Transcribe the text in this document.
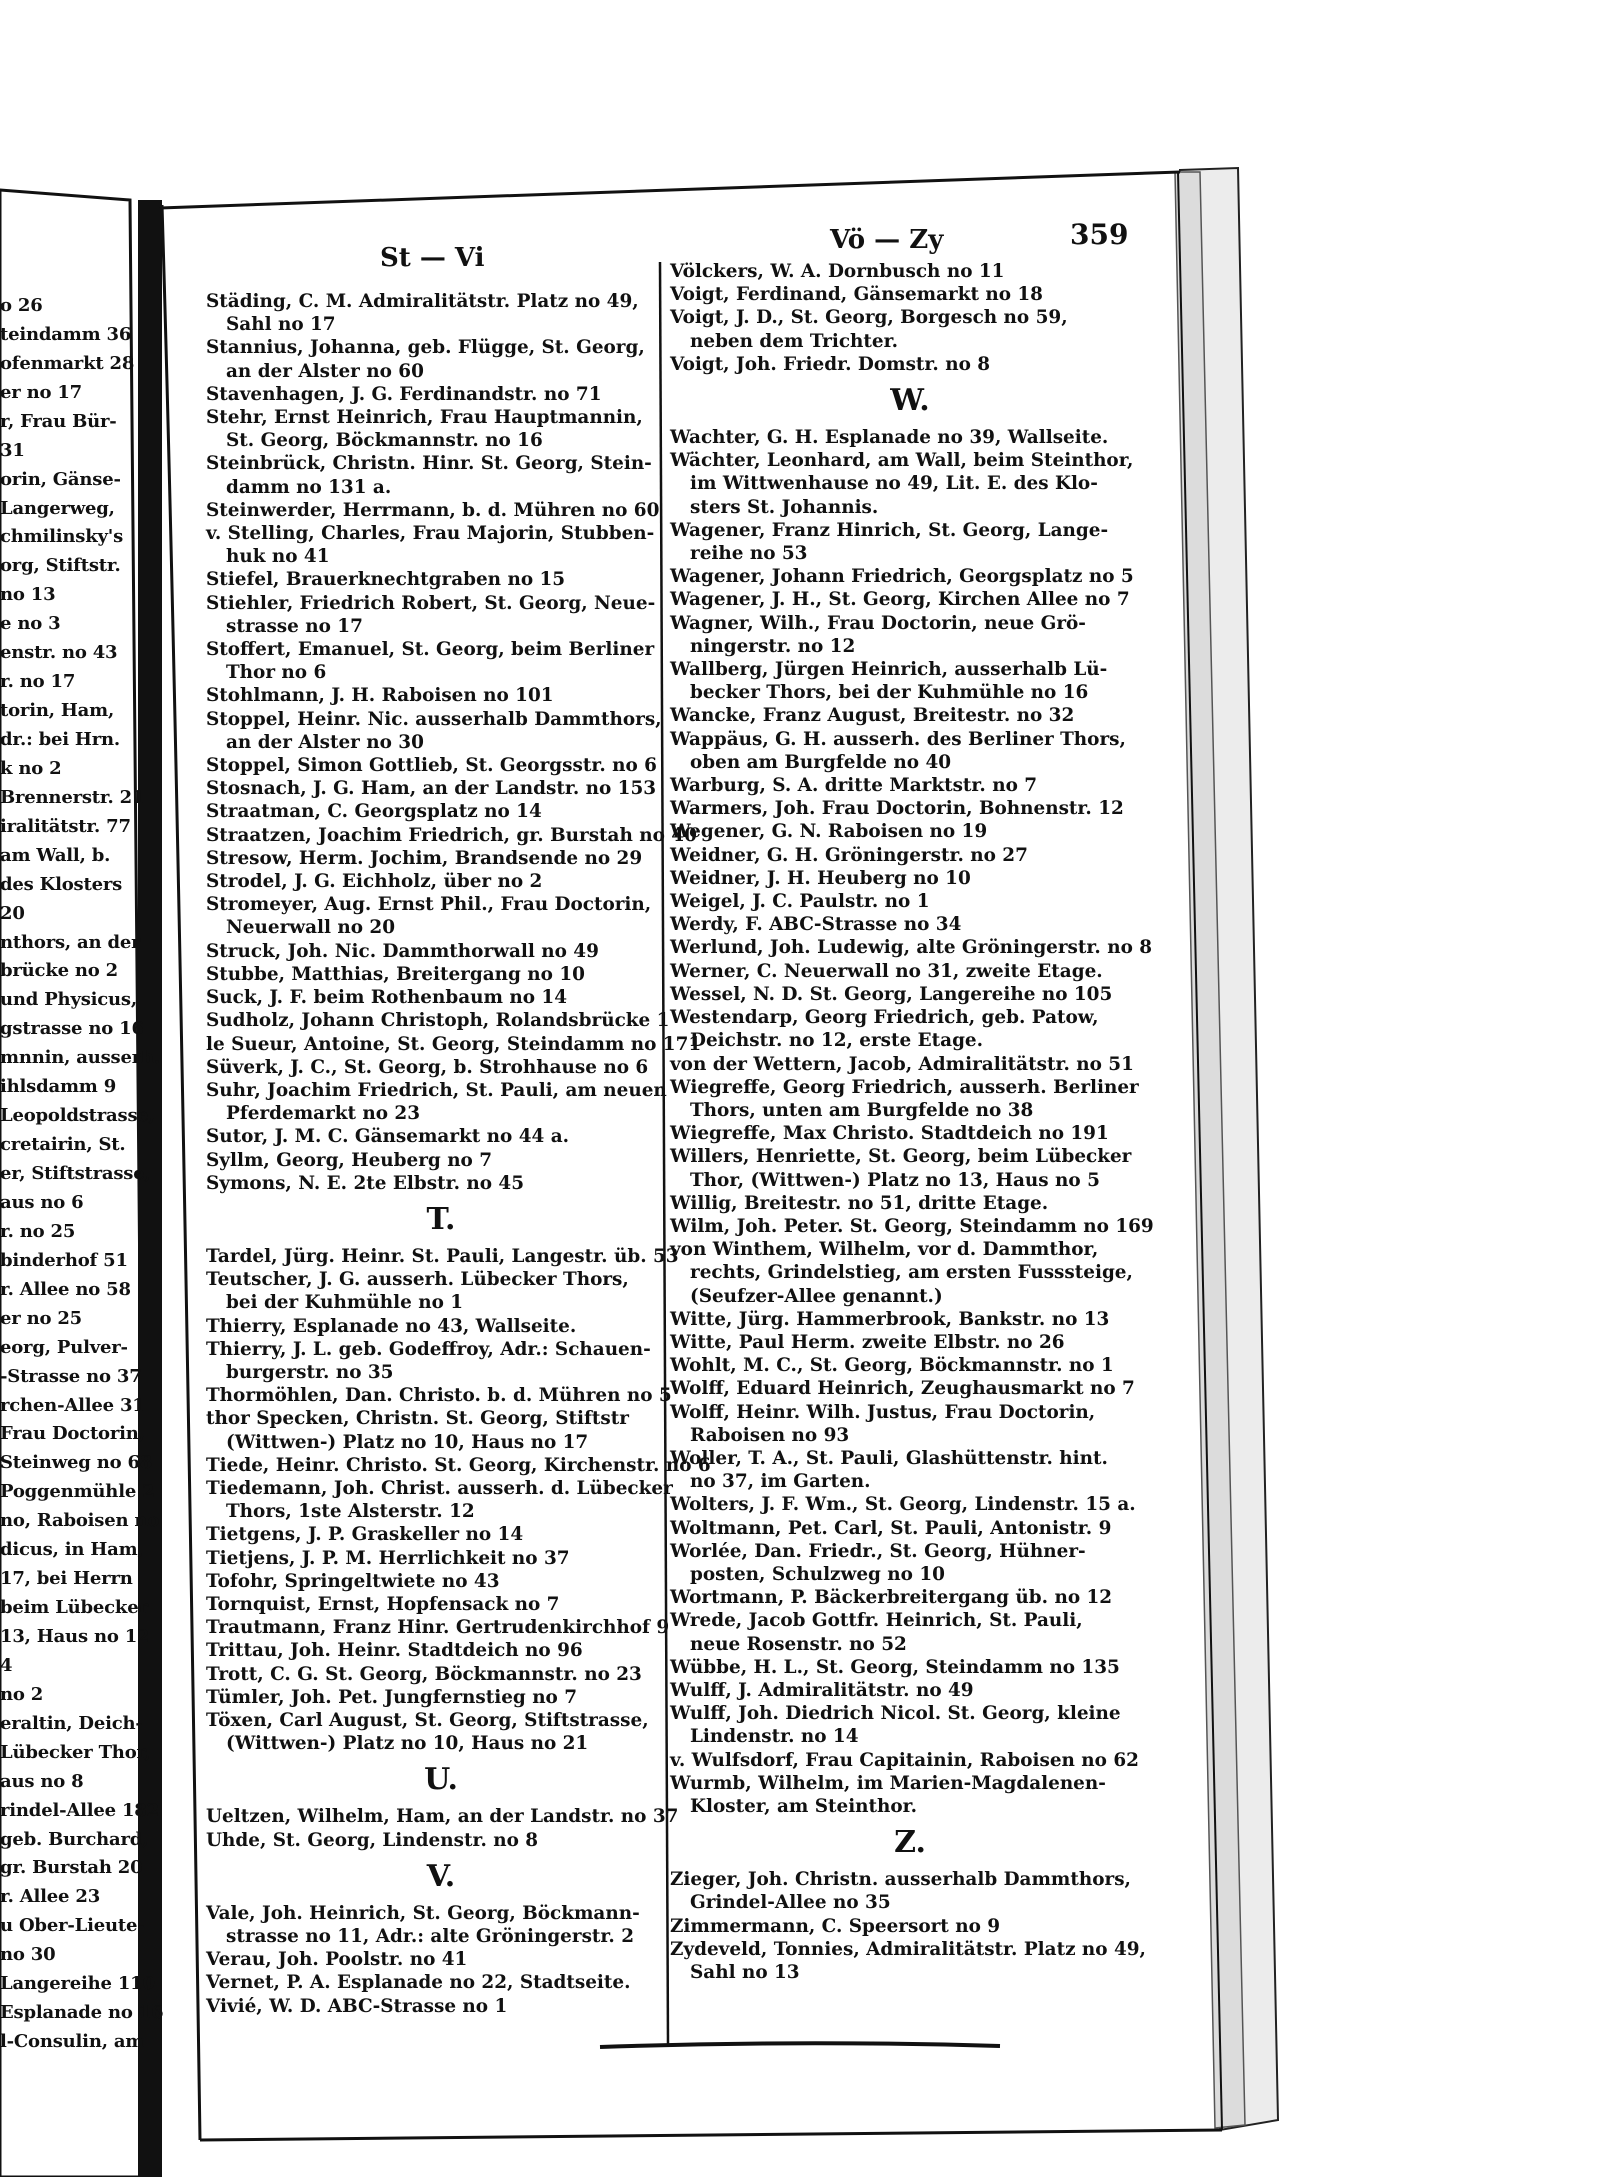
o 26
teindamm 36
ofenmarkt 28
er no 17
r, Frau Bür-
31
orin, Gänse-
Langerweg,
chmilinsky's
org, Stiftstr.
no 13
e no 3
enstr. no 43
r. no 17
torin, Ham,
dr.: bei Hrn.
k no 2
Brennerstr. 21
iralitätstr. 77
am Wall, b.
des Klosters
20
nthors, an der
brücke no 2
und Physicus,
gstrasse no 16
mnnin, ausserh.
ihlsdamm 9
Leopoldstrasse,
cretairin, St.
er, Stiftstrasse,
aus no 6
r. no 25
binderhof 51
r. Allee no 58
er no 25
eorg, Pulver-
-Strasse no 37
rchen-Allee 31
Frau Doctorin,
Steinweg no 68
Poggenmühle 2
no, Raboisen no
dicus, in Ham,
17, bei Herrn
beim Lübecker
13, Haus no 12
4
no 2
eraltin, Deich-
Lübecker Thor,
aus no 8
rindel-Allee 182
geb. Burchard,
gr. Burstah 20
r. Allee 23
u Ober-Lieute-
no 30
Langereihe 110
Esplanade no 16
l-Consulin, am
St — Vi
Vö — Zy	359
Städing, C. M. Admiralitätstr. Platz no 49,
Sahl no 17
Stannius, Johanna, geb. Flügge, St. Georg,
an der Alster no 60
Stavenhagen, J. G. Ferdinandstr. no 71
Stehr, Ernst Heinrich, Frau Hauptmannin,
St. Georg, Böckmannstr. no 16
Steinbrück, Christn. Hinr. St. Georg, Stein-
damm no 131 a.
Steinwerder, Herrmann, b. d. Mühren no 60
v. Stelling, Charles, Frau Majorin, Stubben-
huk no 41
Stiefel, Brauerknechtgraben no 15
Stiehler, Friedrich Robert, St. Georg, Neue-
strasse no 17
Stoffert, Emanuel, St. Georg, beim Berliner
Thor no 6
Stohlmann, J. H. Raboisen no 101
Stoppel, Heinr. Nic. ausserhalb Dammthors,
an der Alster no 30
Stoppel, Simon Gottlieb, St. Georgsstr. no 6
Stosnach, J. G. Ham, an der Landstr. no 153
Straatman, C. Georgsplatz no 14
Straatzen, Joachim Friedrich, gr. Burstah no 40
Stresow, Herm. Jochim, Brandsende no 29
Strodel, J. G. Eichholz, über no 2
Stromeyer, Aug. Ernst Phil., Frau Doctorin,
Neuerwall no 20
Struck, Joh. Nic. Dammthorwall no 49
Stubbe, Matthias, Breitergang no 10
Suck, J. F. beim Rothenbaum no 14
Sudholz, Johann Christoph, Rolandsbrücke 1
le Sueur, Antoine, St. Georg, Steindamm no 171
Süverk, J. C., St. Georg, b. Strohhause no 6
Suhr, Joachim Friedrich, St. Pauli, am neuen
Pferdemarkt no 23
Sutor, J. M. C. Gänsemarkt no 44 a.
Syllm, Georg, Heuberg no 7
Symons, N. E. 2te Elbstr. no 45
T.
Tardel, Jürg. Heinr. St. Pauli, Langestr. üb. 53
Teutscher, J. G. ausserh. Lübecker Thors,
bei der Kuhmühle no 1
Thierry, Esplanade no 43, Wallseite.
Thierry, J. L. geb. Godeffroy, Adr.: Schauen-
burgerstr. no 35
Thormöhlen, Dan. Christo. b. d. Mühren no 5
thor Specken, Christn. St. Georg, Stiftstr
(Wittwen-) Platz no 10, Haus no 17
Tiede, Heinr. Christo. St. Georg, Kirchenstr. no 6
Tiedemann, Joh. Christ. ausserh. d. Lübecker
Thors, 1ste Alsterstr. 12
Tietgens, J. P. Graskeller no 14
Tietjens, J. P. M. Herrlichkeit no 37
Tofohr, Springeltwiete no 43
Tornquist, Ernst, Hopfensack no 7
Trautmann, Franz Hinr. Gertrudenkirchhof 9
Trittau, Joh. Heinr. Stadtdeich no 96
Trott, C. G. St. Georg, Böckmannstr. no 23
Tümler, Joh. Pet. Jungfernstieg no 7
Töxen, Carl August, St. Georg, Stiftstrasse,
(Wittwen-) Platz no 10, Haus no 21
U.
Ueltzen, Wilhelm, Ham, an der Landstr. no 37
Uhde, St. Georg, Lindenstr. no 8
V.
Vale, Joh. Heinrich, St. Georg, Böckmann-
strasse no 11, Adr.: alte Gröningerstr. 2
Verau, Joh. Poolstr. no 41
Vernet, P. A. Esplanade no 22, Stadtseite.
Vivié, W. D. ABC-Strasse no 1
Völckers, W. A. Dornbusch no 11
Voigt, Ferdinand, Gänsemarkt no 18
Voigt, J. D., St. Georg, Borgesch no 59,
neben dem Trichter.
Voigt, Joh. Friedr. Domstr. no 8
W.
Wachter, G. H. Esplanade no 39, Wallseite.
Wächter, Leonhard, am Wall, beim Steinthor,
im Wittwenhause no 49, Lit. E. des Klo-
sters St. Johannis.
Wagener, Franz Hinrich, St. Georg, Lange-
reihe no 53
Wagener, Johann Friedrich, Georgsplatz no 5
Wagener, J. H., St. Georg, Kirchen Allee no 7
Wagner, Wilh., Frau Doctorin, neue Grö-
ningerstr. no 12
Wallberg, Jürgen Heinrich, ausserhalb Lü-
becker Thors, bei der Kuhmühle no 16
Wancke, Franz August, Breitestr. no 32
Wappäus, G. H. ausserh. des Berliner Thors,
oben am Burgfelde no 40
Warburg, S. A. dritte Marktstr. no 7
Warmers, Joh. Frau Doctorin, Bohnenstr. 12
Wegener, G. N. Raboisen no 19
Weidner, G. H. Gröningerstr. no 27
Weidner, J. H. Heuberg no 10
Weigel, J. C. Paulstr. no 1
Werdy, F. ABC-Strasse no 34
Werlund, Joh. Ludewig, alte Gröningerstr. no 8
Werner, C. Neuerwall no 31, zweite Etage.
Wessel, N. D. St. Georg, Langereihe no 105
Westendarp, Georg Friedrich, geb. Patow,
Deichstr. no 12, erste Etage.
von der Wettern, Jacob, Admiralitätstr. no 51
Wiegreffe, Georg Friedrich, ausserh. Berliner
Thors, unten am Burgfelde no 38
Wiegreffe, Max Christo. Stadtdeich no 191
Willers, Henriette, St. Georg, beim Lübecker
Thor, (Wittwen-) Platz no 13, Haus no 5
Willig, Breitestr. no 51, dritte Etage.
Wilm, Joh. Peter. St. Georg, Steindamm no 169
von Winthem, Wilhelm, vor d. Dammthor,
rechts, Grindelstieg, am ersten Fusssteige,
(Seufzer-Allee genannt.)
Witte, Jürg. Hammerbrook, Bankstr. no 13
Witte, Paul Herm. zweite Elbstr. no 26
Wohlt, M. C., St. Georg, Böckmannstr. no 1
Wolff, Eduard Heinrich, Zeughausmarkt no 7
Wolff, Heinr. Wilh. Justus, Frau Doctorin,
Raboisen no 93
Woller, T. A., St. Pauli, Glashüttenstr. hint.
no 37, im Garten.
Wolters, J. F. Wm., St. Georg, Lindenstr. 15 a.
Woltmann, Pet. Carl, St. Pauli, Antonistr. 9
Worlée, Dan. Friedr., St. Georg, Hühner-
posten, Schulzweg no 10
Wortmann, P. Bäckerbreitergang üb. no 12
Wrede, Jacob Gottfr. Heinrich, St. Pauli,
neue Rosenstr. no 52
Wübbe, H. L., St. Georg, Steindamm no 135
Wulff, J. Admiralitätstr. no 49
Wulff, Joh. Diedrich Nicol. St. Georg, kleine
Lindenstr. no 14
v. Wulfsdorf, Frau Capitainin, Raboisen no 62
Wurmb, Wilhelm, im Marien-Magdalenen-
Kloster, am Steinthor.
Z.
Zieger, Joh. Christn. ausserhalb Dammthors,
Grindel-Allee no 35
Zimmermann, C. Speersort no 9
Zydeveld, Tonnies, Admiralitätstr. Platz no 49,
Sahl no 13
